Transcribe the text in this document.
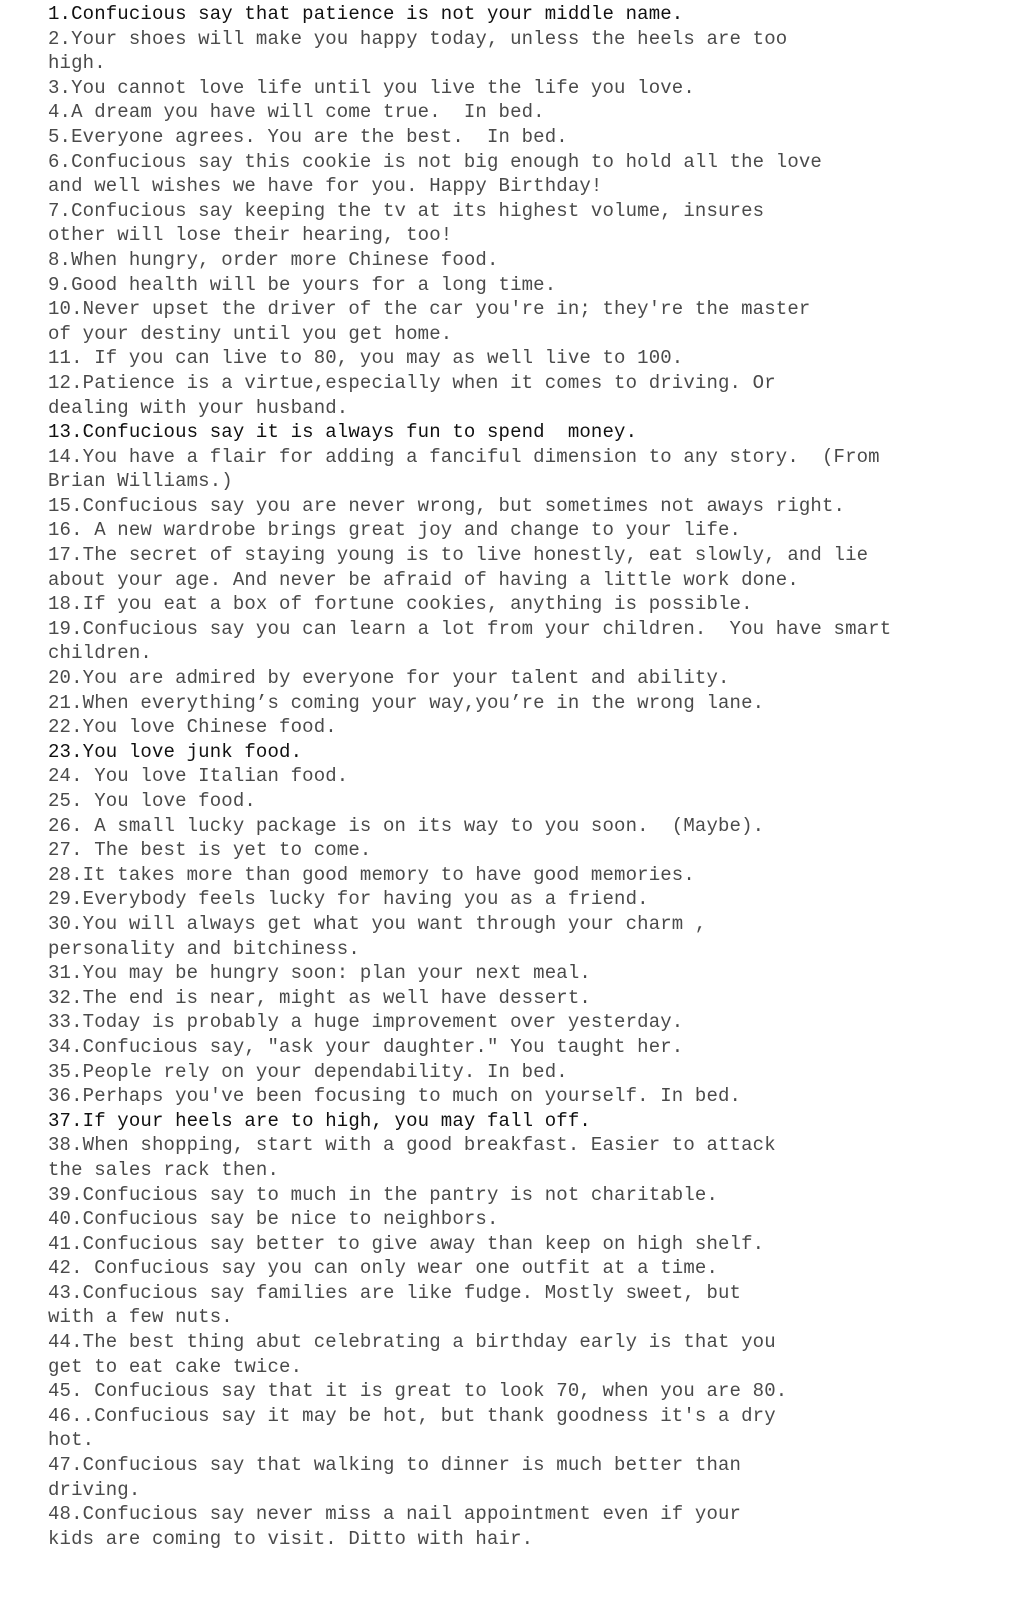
1.Confucious say that patience is not your middle name.
2.Your shoes will make you happy today, unless the heels are too
high.
3.You cannot love life until you live the life you love.
4.A dream you have will come true.  In bed.
5.Everyone agrees. You are the best.  In bed.
6.Confucious say this cookie is not big enough to hold all the love
and well wishes we have for you. Happy Birthday!
7.Confucious say keeping the tv at its highest volume, insures
other will lose their hearing, too!
8.When hungry, order more Chinese food.
9.Good health will be yours for a long time.
10.Never upset the driver of the car you're in; they're the master
of your destiny until you get home.
11. If you can live to 80, you may as well live to 100.
12.Patience is a virtue,especially when it comes to driving. Or
dealing with your husband.
13.Confucious say it is always fun to spend  money.
14.You have a flair for adding a fanciful dimension to any story.  (From
Brian Williams.)
15.Confucious say you are never wrong, but sometimes not aways right.
16. A new wardrobe brings great joy and change to your life.
17.The secret of staying young is to live honestly, eat slowly, and lie
about your age. And never be afraid of having a little work done.
18.If you eat a box of fortune cookies, anything is possible.
19.Confucious say you can learn a lot from your children.  You have smart
children.
20.You are admired by everyone for your talent and ability.
21.When everything’s coming your way,you’re in the wrong lane.
22.You love Chinese food.
23.You love junk food.
24. You love Italian food.
25. You love food.
26. A small lucky package is on its way to you soon.  (Maybe).
27. The best is yet to come.
28.It takes more than good memory to have good memories.
29.Everybody feels lucky for having you as a friend.
30.You will always get what you want through your charm ,
personality and bitchiness.
31.You may be hungry soon: plan your next meal.
32.The end is near, might as well have dessert.
33.Today is probably a huge improvement over yesterday.
34.Confucious say, "ask your daughter." You taught her.
35.People rely on your dependability. In bed.
36.Perhaps you've been focusing to much on yourself. In bed.
37.If your heels are to high, you may fall off.
38.When shopping, start with a good breakfast. Easier to attack
the sales rack then.
39.Confucious say to much in the pantry is not charitable.
40.Confucious say be nice to neighbors.
41.Confucious say better to give away than keep on high shelf.
42. Confucious say you can only wear one outfit at a time.
43.Confucious say families are like fudge. Mostly sweet, but
with a few nuts.
44.The best thing abut celebrating a birthday early is that you
get to eat cake twice.
45. Confucious say that it is great to look 70, when you are 80.
46..Confucious say it may be hot, but thank goodness it's a dry
hot.
47.Confucious say that walking to dinner is much better than
driving.
48.Confucious say never miss a nail appointment even if your
kids are coming to visit. Ditto with hair.
